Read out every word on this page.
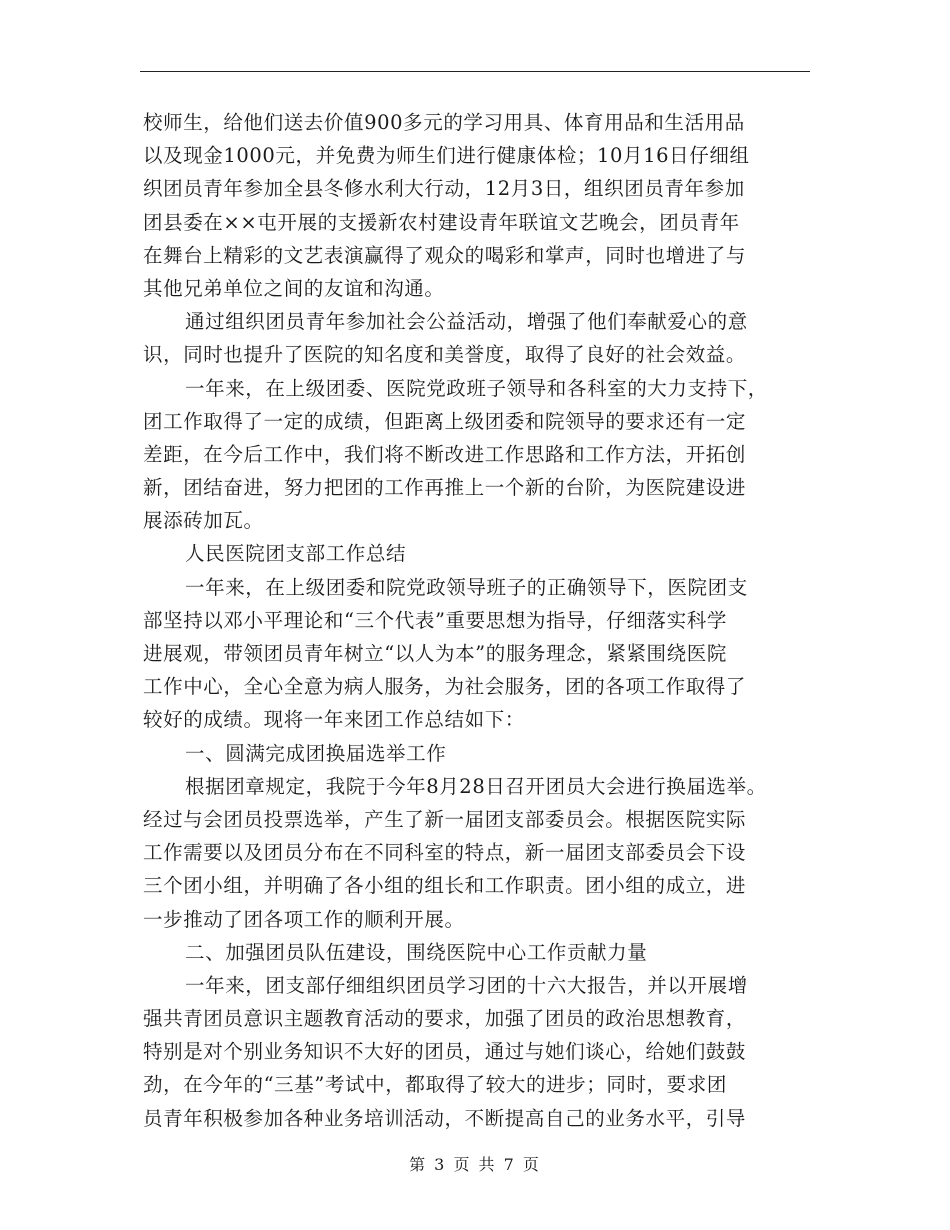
校师生，给他们送去价值900多元的学习用具、体育用品和生活用品
以及现金1000元，并免费为师生们进行健康体检；10月16日仔细组
织团员青年参加全县冬修水利大行动，12月3日，组织团员青年参加
团县委在××屯开展的支援新农村建设青年联谊文艺晚会，团员青年
在舞台上精彩的文艺表演赢得了观众的喝彩和掌声，同时也增进了与
其他兄弟单位之间的友谊和沟通。
通过组织团员青年参加社会公益活动，增强了他们奉献爱心的意
识，同时也提升了医院的知名度和美誉度，取得了良好的社会效益。
一年来，在上级团委、医院党政班子领导和各科室的大力支持下，
团工作取得了一定的成绩，但距离上级团委和院领导的要求还有一定
差距，在今后工作中，我们将不断改进工作思路和工作方法，开拓创
新，团结奋进，努力把团的工作再推上一个新的台阶，为医院建设进
展添砖加瓦。
人民医院团支部工作总结
一年来，在上级团委和院党政领导班子的正确领导下，医院团支
部坚持以邓小平理论和“三个代表”重要思想为指导，仔细落实科学
进展观，带领团员青年树立“以人为本”的服务理念，紧紧围绕医院
工作中心，全心全意为病人服务，为社会服务，团的各项工作取得了
较好的成绩。现将一年来团工作总结如下：
一、圆满完成团换届选举工作
根据团章规定，我院于今年8月28日召开团员大会进行换届选举。
经过与会团员投票选举，产生了新一届团支部委员会。根据医院实际
工作需要以及团员分布在不同科室的特点，新一届团支部委员会下设
三个团小组，并明确了各小组的组长和工作职责。团小组的成立，进
一步推动了团各项工作的顺利开展。
二、加强团员队伍建设，围绕医院中心工作贡献力量
一年来，团支部仔细组织团员学习团的十六大报告，并以开展增
强共青团员意识主题教育活动的要求，加强了团员的政治思想教育，
特别是对个别业务知识不大好的团员，通过与她们谈心，给她们鼓鼓
劲，在今年的“三基”考试中，都取得了较大的进步；同时，要求团
员青年积极参加各种业务培训活动，不断提高自己的业务水平，引导
第 3 页 共 7 页
